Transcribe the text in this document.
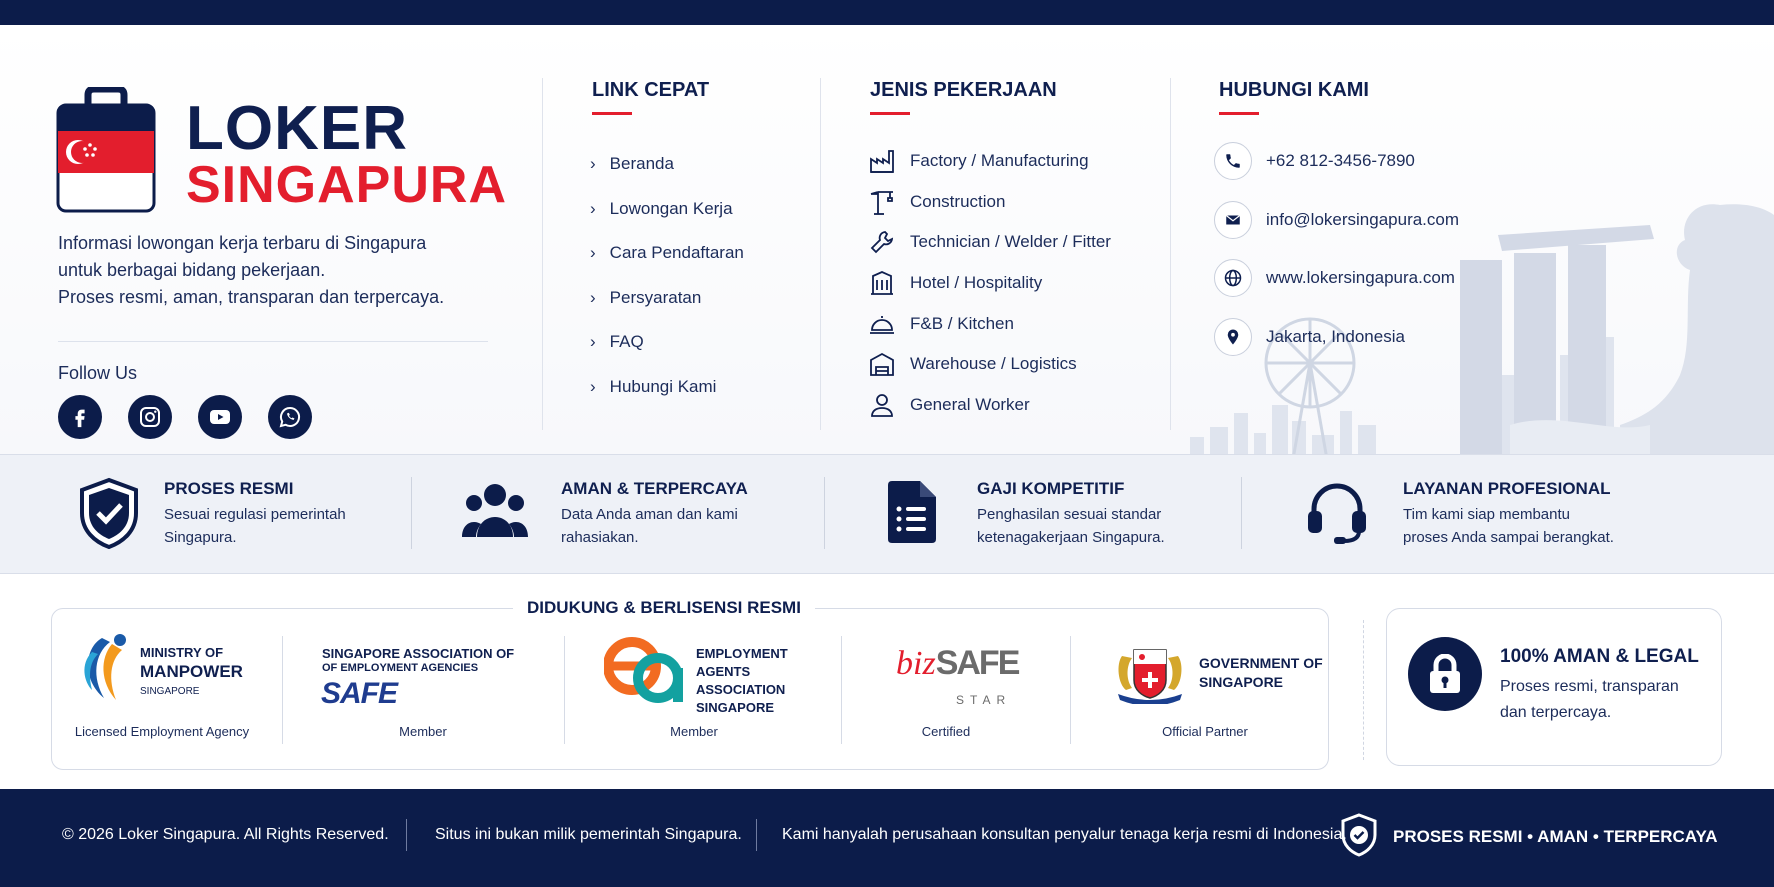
LOKER
SINGAPURA
Informasi lowongan kerja terbaru di Singapura
untuk berbagai bidang pekerjaan.
Proses resmi, aman, transparan dan terpercaya.
Follow Us
LINK CEPAT
› Beranda
› Lowongan Kerja
› Cara Pendaftaran
› Persyaratan
› FAQ
› Hubungi Kami
JENIS PEKERJAAN
Factory / Manufacturing
Construction
Technician / Welder / Fitter
Hotel / Hospitality
F&B / Kitchen
Warehouse / Logistics
General Worker
HUBUNGI KAMI
+62 812-3456-7890
info@lokersingapura.com
www.lokersingapura.com
Jakarta, Indonesia
PROSES RESMI
Sesuai regulasi pemerintah
Singapura.
AMAN & TERPERCAYA
Data Anda aman dan kami
rahasiakan.
GAJI KOMPETITIF
Penghasilan sesuai standar
ketenagakerjaan Singapura.
LAYANAN PROFESIONAL
Tim kami siap membantu
proses Anda sampai berangkat.
DIDUKUNG & BERLISENSI RESMI
MINISTRY OF
MANPOWER
SINGAPORE
Licensed Employment Agency
SINGAPORE ASSOCIATION OF
OF EMPLOYMENT AGENCIES
SAFE
Member
EMPLOYMENT
AGENTS
ASSOCIATION
SINGAPORE
Member
bizSAFE
STAR
Certified
GOVERNMENT OF
SINGAPORE
Official Partner
100% AMAN & LEGAL
Proses resmi, transparan
dan terpercaya.
© 2026 Loker Singapura. All Rights Reserved.	Situs ini bukan milik pemerintah Singapura.	Kami hanyalah perusahaan konsultan penyalur tenaga kerja resmi di Indonesia.	PROSES RESMI • AMAN • TERPERCAYA
